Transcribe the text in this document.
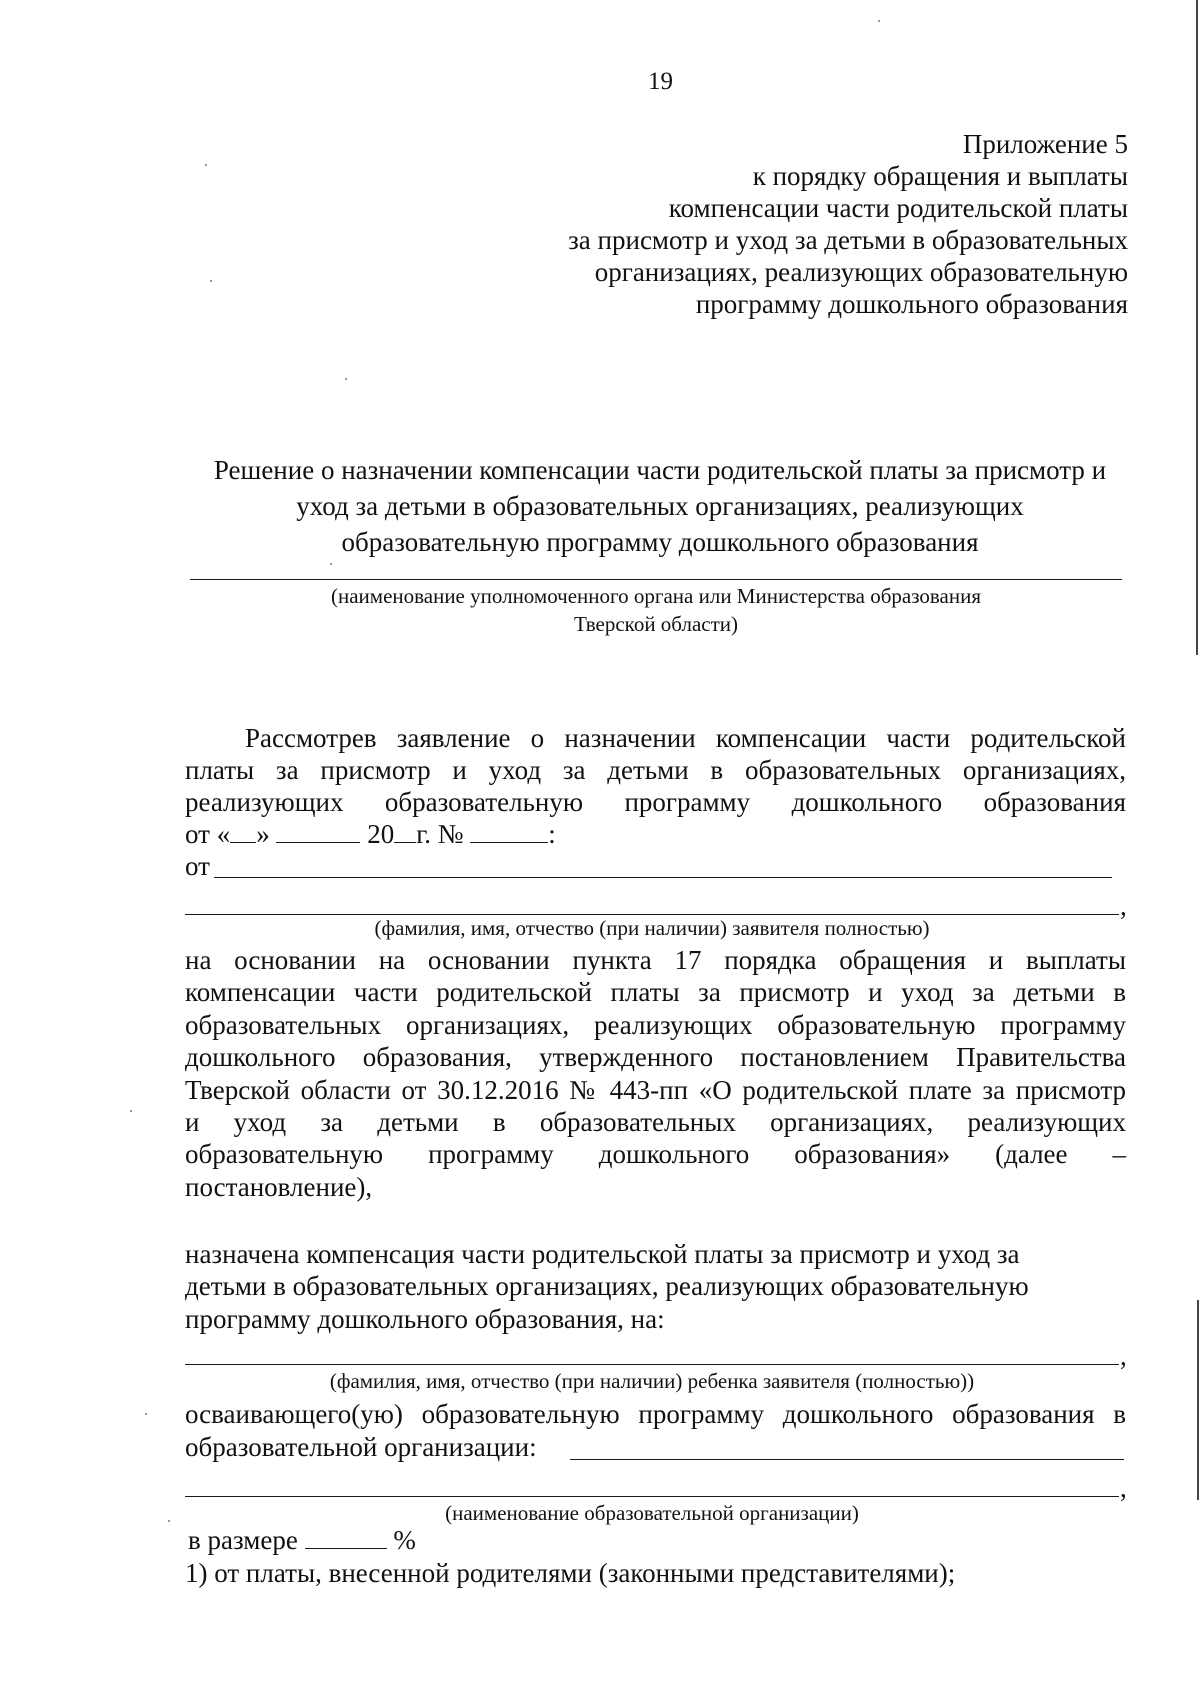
19
Приложение 5
к порядку обращения и выплаты
компенсации части родительской платы
за присмотр и уход за детьми в образовательных
организациях, реализующих образовательную
программу дошкольного образования
Решение о назначении компенсации части родительской платы за присмотр и
уход за детьми в образовательных организациях, реализующих
образовательную программу дошкольного образования
(наименование уполномоченного органа или Министерства образования
Тверской области)
Рассмотрев заявление о назначении компенсации части родительской
платы за присмотр и уход за детьми в образовательных организациях,
реализующих образовательную программу дошкольного образования
от « »	20 г. №	:
от
,
(фамилия, имя, отчество (при наличии) заявителя полностью)
на основании на основании пункта 17 порядка обращения и выплаты
компенсации части родительской платы за присмотр и уход за детьми в
образовательных организациях, реализующих образовательную программу
дошкольного образования, утвержденного постановлением Правительства
Тверской области от 30.12.2016 № 443-пп «О родительской плате за присмотр
и уход за детьми в образовательных организациях, реализующих
образовательную программу дошкольного образования» (далее –
постановление),
назначена компенсация части родительской платы за присмотр и уход за
детьми в образовательных организациях, реализующих образовательную
программу дошкольного образования, на:
,
(фамилия, имя, отчество (при наличии) ребенка заявителя (полностью))
осваивающего(ую) образовательную программу дошкольного образования в
образовательной организации:
,
(наименование образовательной организации)
в размере	%
1) от платы, внесенной родителями (законными представителями);
